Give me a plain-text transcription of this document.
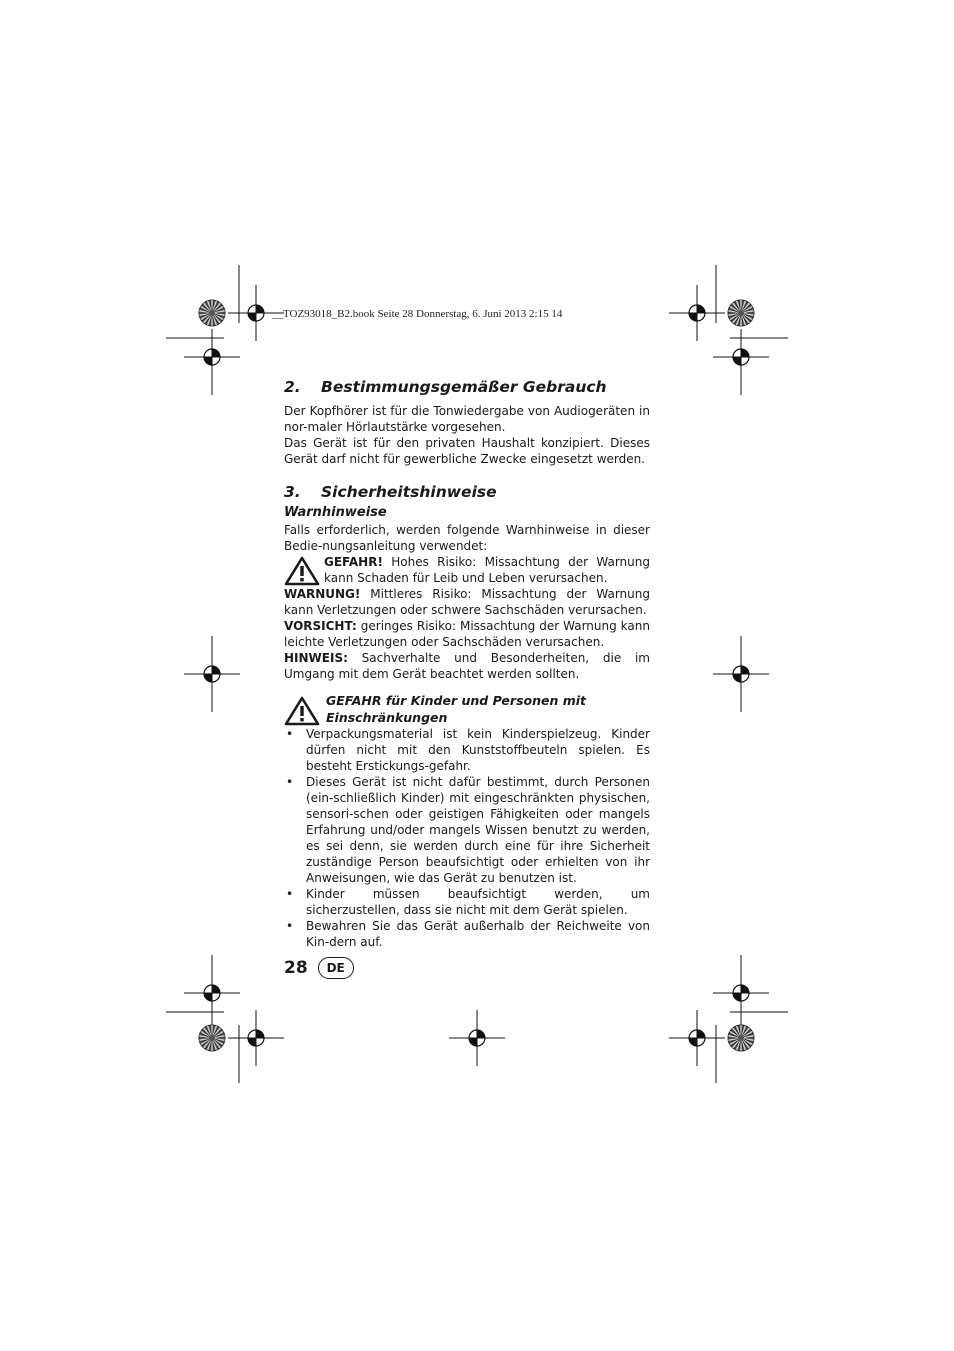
__TOZ93018_B2.book Seite 28 Donnerstag, 6. Juni 2013 2:15 14
2.	Bestimmungsgemäßer Gebrauch

Der Kopfhörer ist für die Tonwiedergabe von Audiogeräten in nor-maler Hörlautstärke vorgesehen.

Das Gerät ist für den privaten Haushalt konzipiert. Dieses Gerät darf nicht für gewerbliche Zwecke eingesetzt werden.

3.	Sicherheitshinweise
Warnhinweise

Falls erforderlich, werden folgende Warnhinweise in dieser Bedie-nungsanleitung verwendet:

GEFAHR! Hohes Risiko: Missachtung der Warnung kann Schaden für Leib und Leben verursachen.

WARNUNG! Mittleres Risiko: Missachtung der Warnung kann Verletzungen oder schwere Sachschäden verursachen.

VORSICHT: geringes Risiko: Missachtung der Warnung kann leichte Verletzungen oder Sachschäden verursachen.

HINWEIS: Sachverhalte und Besonderheiten, die im Umgang mit dem Gerät beachtet werden sollten.

GEFAHR für Kinder und Personen mit
Einschränkungen
• Verpackungsmaterial ist kein Kinderspielzeug. Kinder dürfen nicht mit den Kunststoffbeuteln spielen. Es besteht Erstickungs-gefahr.
• Dieses Gerät ist nicht dafür bestimmt, durch Personen (ein-schließlich Kinder) mit eingeschränkten physischen, sensori-schen oder geistigen Fähigkeiten oder mangels Erfahrung und/oder mangels Wissen benutzt zu werden, es sei denn, sie werden durch eine für ihre Sicherheit zuständige Person beaufsichtigt oder erhielten von ihr Anweisungen, wie das Gerät zu benutzen ist.
• Kinder müssen beaufsichtigt werden, um sicherzustellen, dass sie nicht mit dem Gerät spielen.
• Bewahren Sie das Gerät außerhalb der Reichweite von Kin-dern auf.
28	DE
